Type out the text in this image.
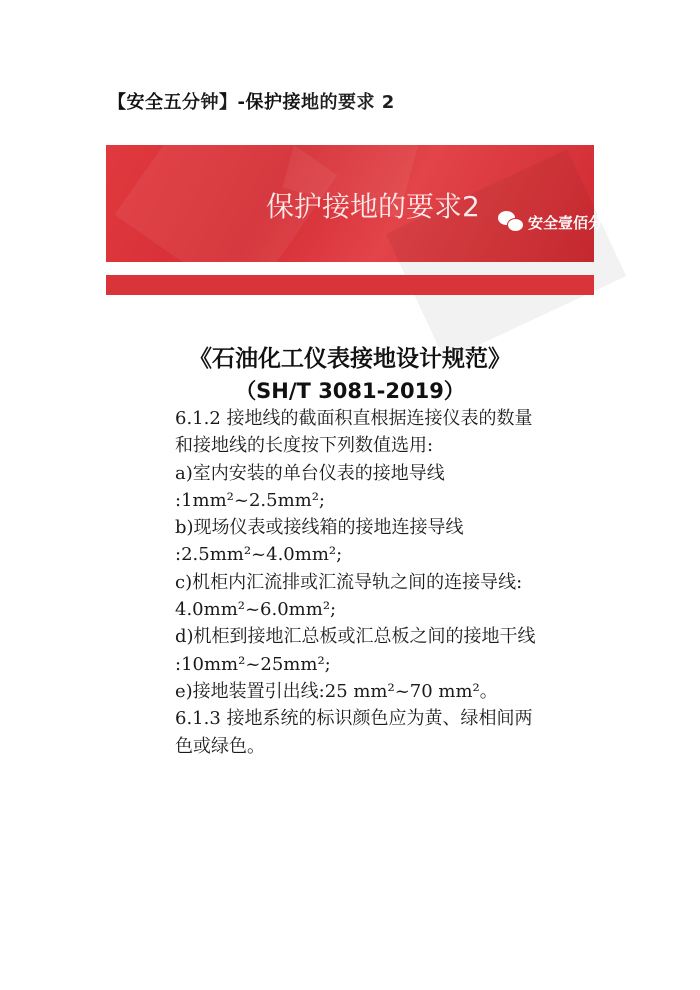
【安全五分钟】-保护接地的要求 2
保护接地的要求2	安全壹佰分
《石油化工仪表接地设计规范》
（SH/T 3081-2019）
6.1.2 接地线的截面积直根据连接仪表的数量
和接地线的长度按下列数值选用:
a)室内安装的单台仪表的接地导线
:1mm²~2.5mm²;
b)现场仪表或接线箱的接地连接导线
:2.5mm²~4.0mm²;
c)机柜内汇流排或汇流导轨之间的连接导线:
4.0mm²~6.0mm²;
d)机柜到接地汇总板或汇总板之间的接地干线
:10mm²~25mm²;
e)接地装置引出线:25 mm²~70 mm²。
6.1.3 接地系统的标识颜色应为黄、绿相间两
色或绿色。
